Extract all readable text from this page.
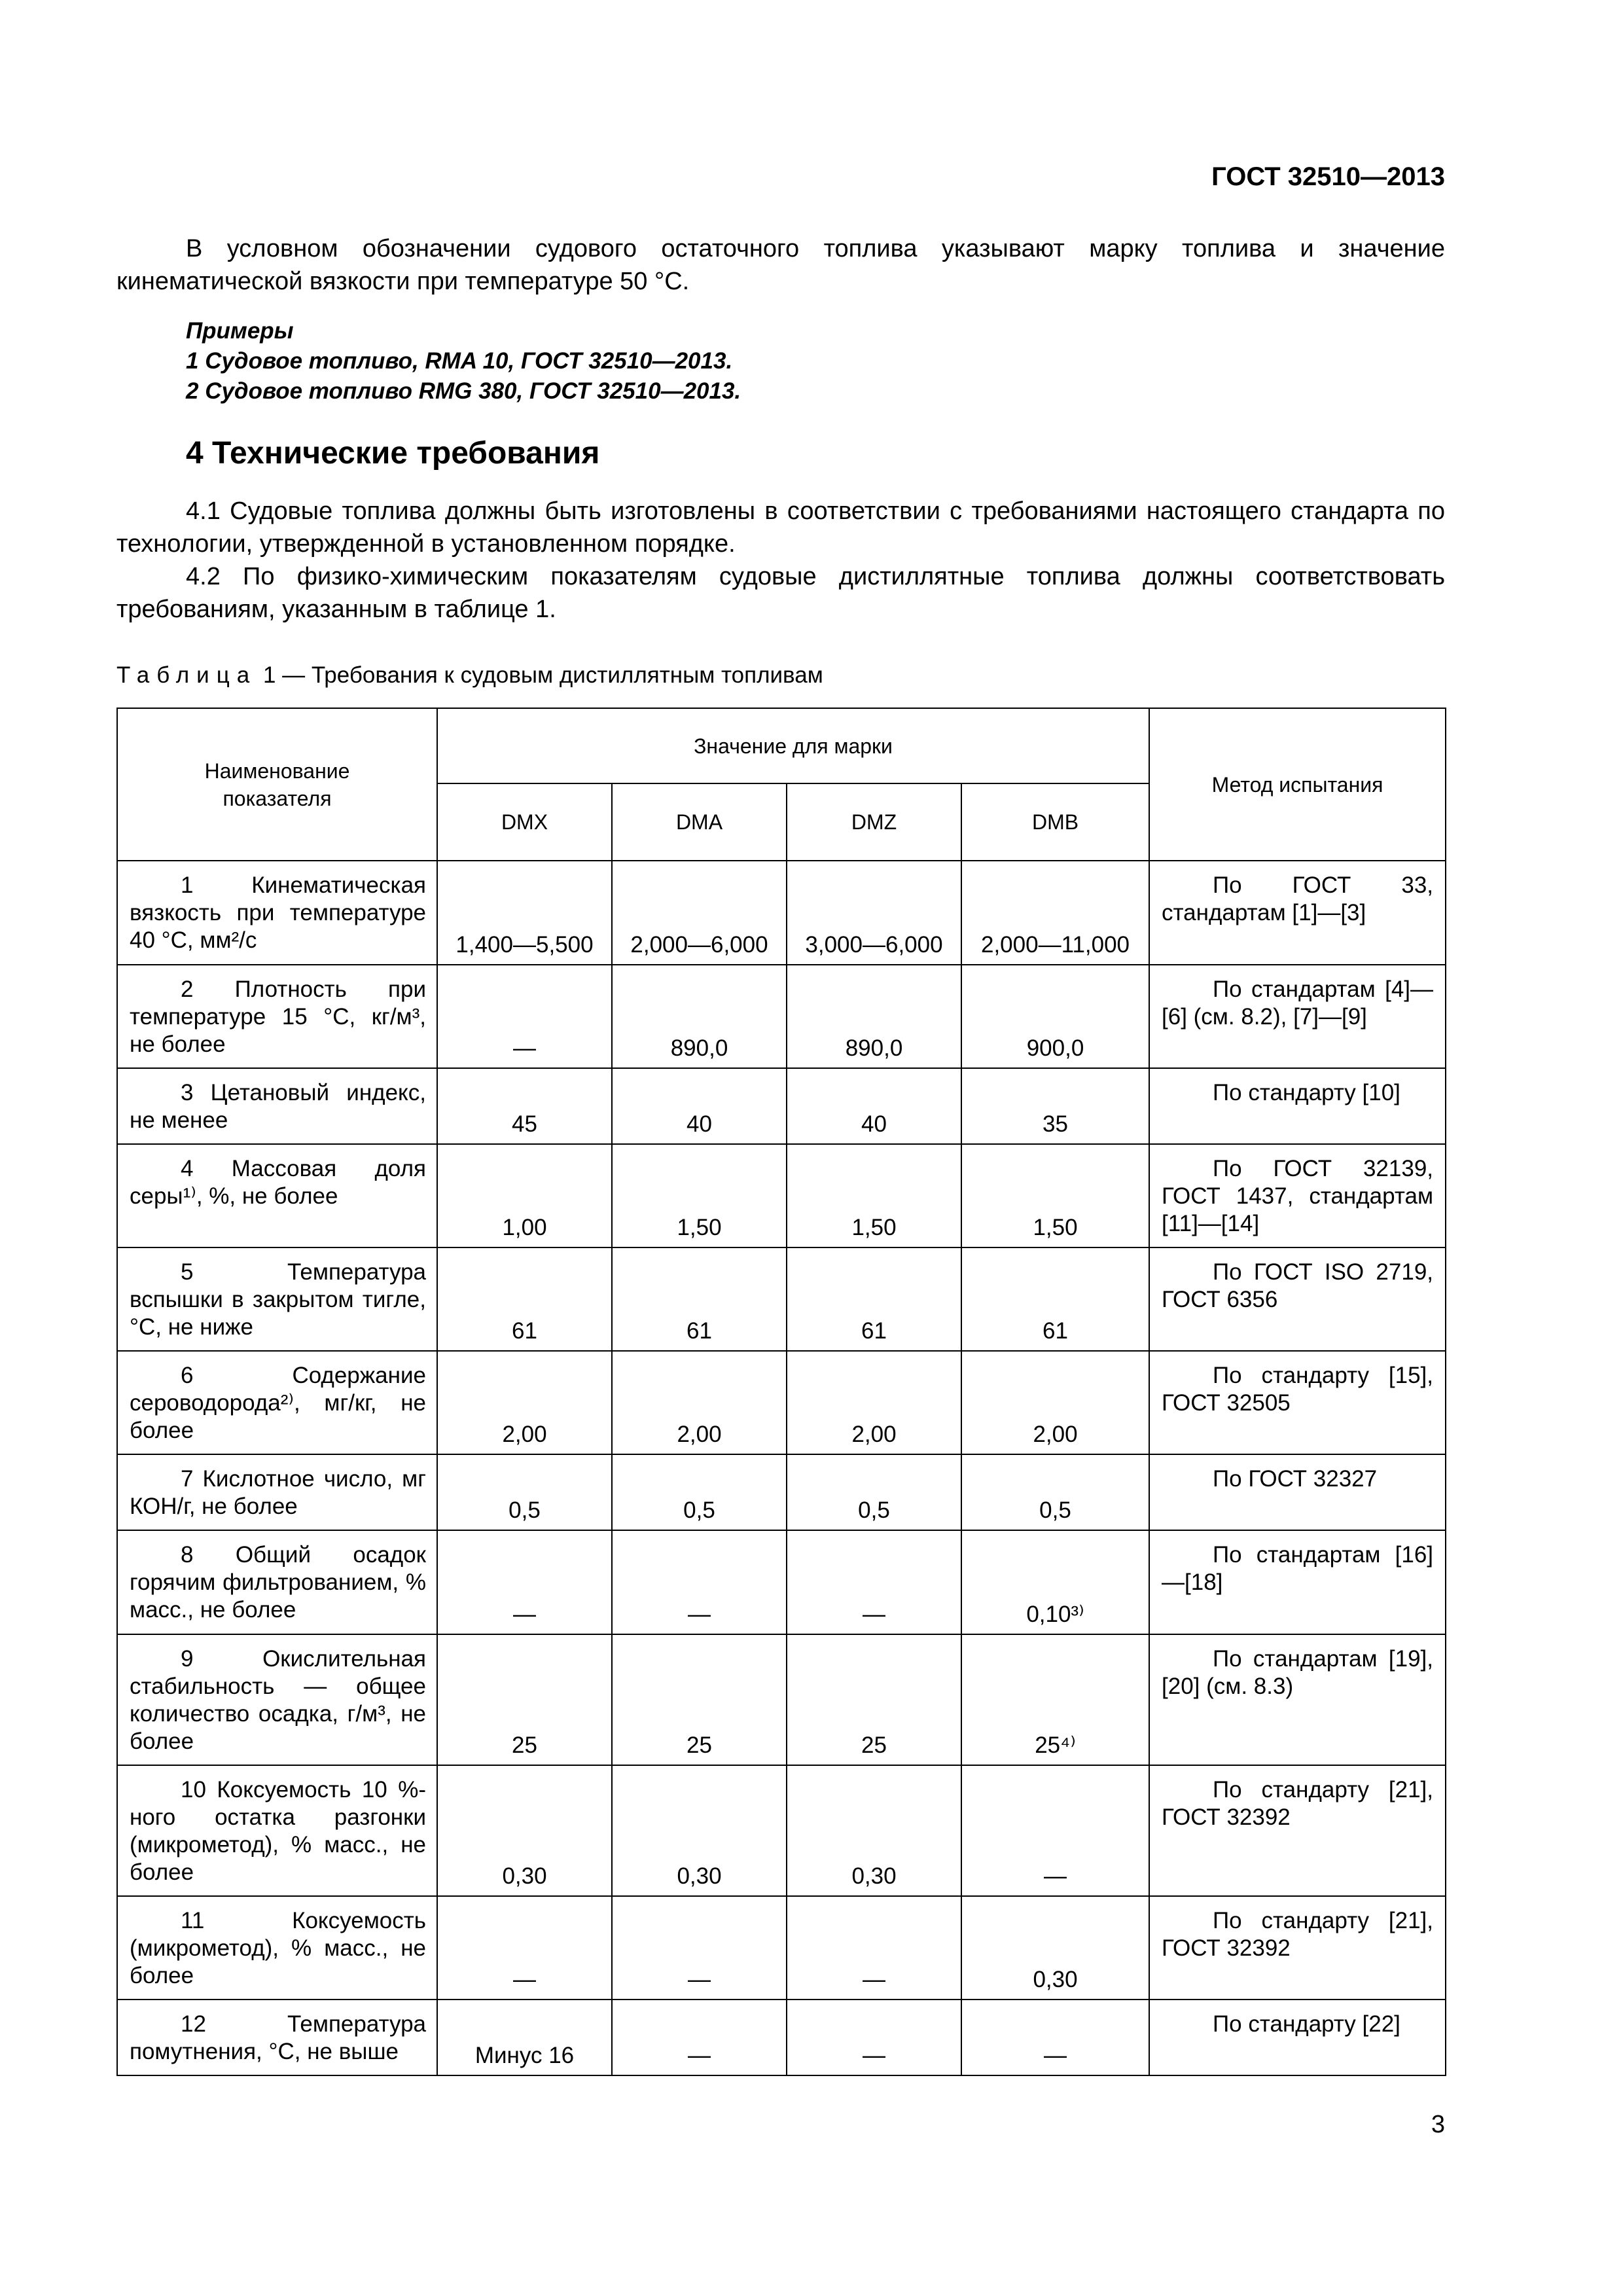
ГОСТ 32510—2013

В условном обозначении судового остаточного топлива указывают марку топлива и значение кинематической вязкости при температуре 50 °С.

Примеры
1 Судовое топливо, RMA 10, ГОСТ 32510—2013.
2 Судовое топливо RMG 380, ГОСТ 32510—2013.
4 Технические требования

4.1 Судовые топлива должны быть изготовлены в соответствии с требованиями настоящего стандарта по технологии, утвержденной в установленном порядке.

4.2 По физико-химическим показателям судовые дистиллятные топлива должны соответствовать требованиям, указанным в таблице 1.

Таблица 1 — Требования к судовым дистиллятным топливам
Наименование показателя	Значение для марки				Метод испытания
	DMX	DMA	DMZ	DMB	

1 Кинематическая вязкость при температуре 40 °С, мм²/с	1,400—5,500	2,000—6,000	3,000—6,000	2,000—11,000	По ГОСТ 33, стандартам [1]—[3]

2 Плотность при температуре 15 °С, кг/м³, не более	—	890,0	890,0	900,0	По стандартам [4]—[6] (см. 8.2), [7]—[9]

3 Цетановый индекс, не менее	45	40	40	35	По стандарту [10]

4 Массовая доля серы¹⁾, %, не более	1,00	1,50	1,50	1,50	По ГОСТ 32139, ГОСТ 1437, стандартам [11]—[14]

5 Температура вспышки в закрытом тигле, °С, не ниже	61	61	61	61	По ГОСТ ISO 2719, ГОСТ 6356

6 Содержание сероводорода²⁾, мг/кг, не более	2,00	2,00	2,00	2,00	По стандарту [15], ГОСТ 32505

7 Кислотное число, мг КОН/г, не более	0,5	0,5	0,5	0,5	По ГОСТ 32327

8 Общий осадок горячим фильтрованием, % масс., не более	—	—	—	0,10³⁾	По стандартам [16]—[18]

9 Окислительная стабильность — общее количество осадка, г/м³, не более	25	25	25	25⁴⁾	По стандартам [19], [20] (см. 8.3)

10 Коксуемость 10 %-ного остатка разгонки (микрометод), % масс., не более	0,30	0,30	0,30	—	По стандарту [21], ГОСТ 32392

11 Коксуемость (микрометод), % масс., не более	—	—	—	0,30	По стандарту [21], ГОСТ 32392

12 Температура помутнения, °С, не выше	Минус 16	—	—	—	По стандарту [22]
3
